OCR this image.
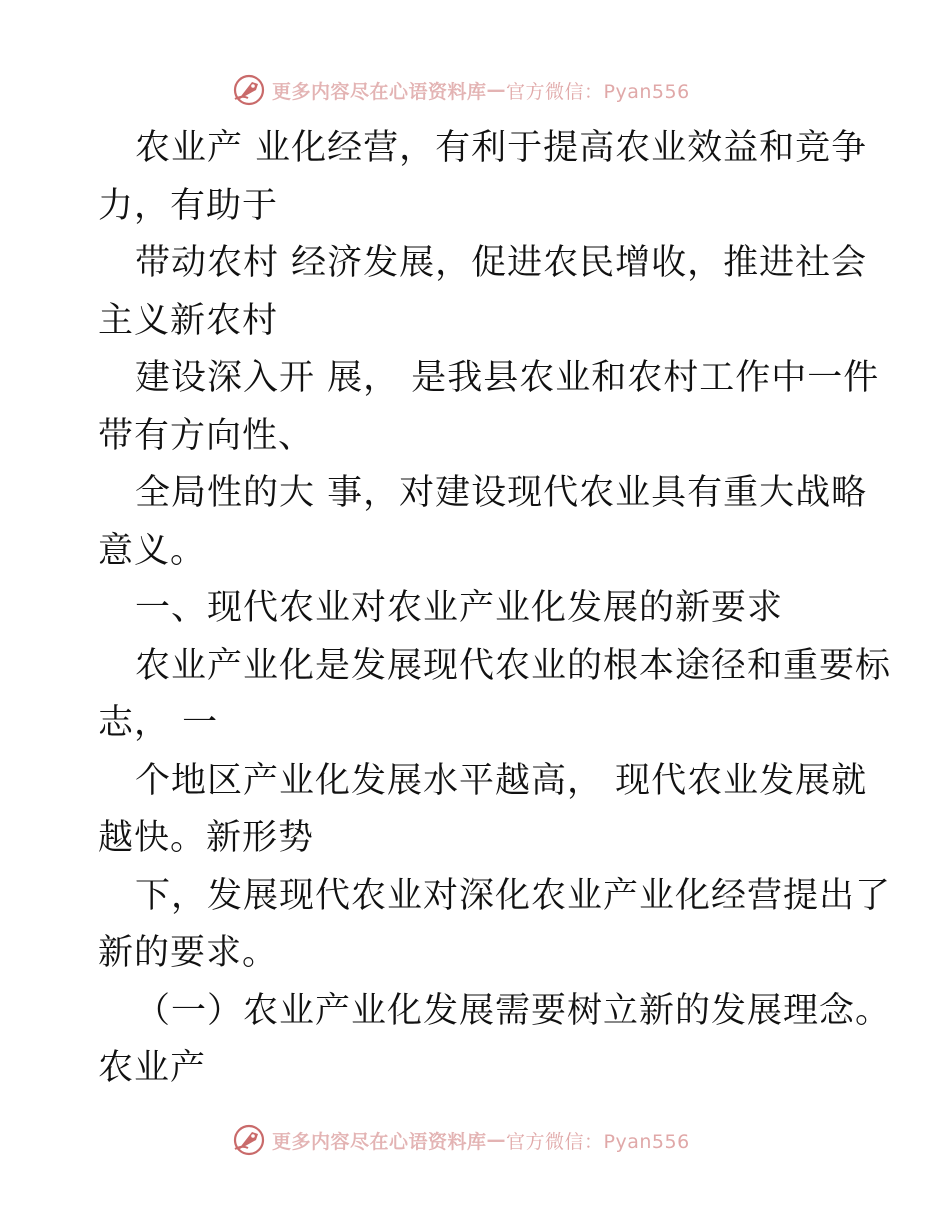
更多内容尽在心语资料库 — 官方微信：Pyan556
农业产 业化经营，有利于提高农业效益和竞争
力，有助于
带动农村 经济发展，促进农民增收，推进社会
主义新农村
建设深入开 展， 是我县农业和农村工作中一件
带有方向性、
全局性的大 事，对建设现代农业具有重大战略
意义。
一、现代农业对农业产业化发展的新要求
农业产业化是发展现代农业的根本途径和重要标
志， 一
个地区产业化发展水平越高， 现代农业发展就
越快。新形势
下，发展现代农业对深化农业产业化经营提出了
新的要求。
（一）农业产业化发展需要树立新的发展理念。
农业产
更多内容尽在心语资料库 — 官方微信：Pyan556
